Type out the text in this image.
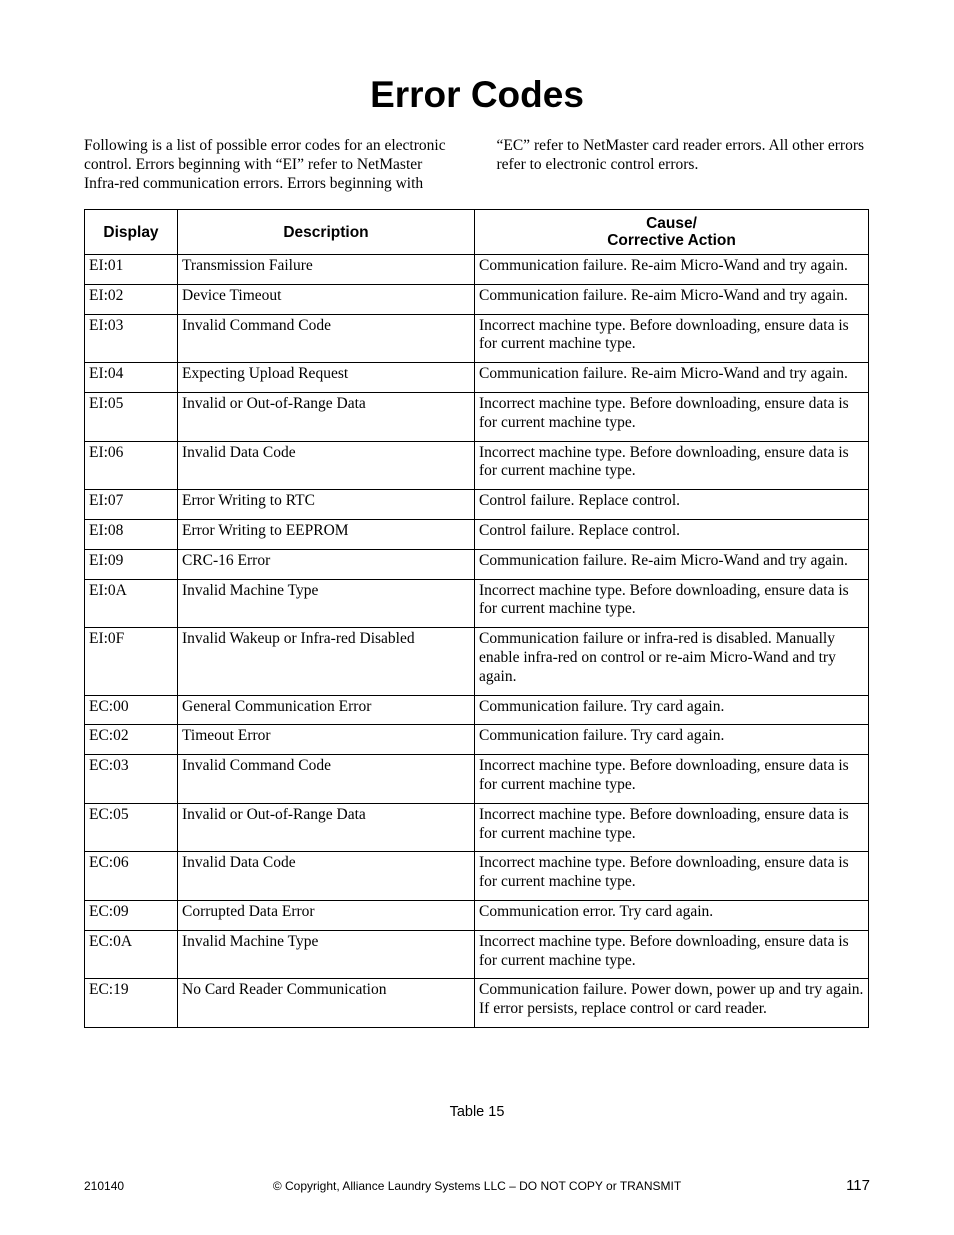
Error Codes

Following is a list of possible error codes for an electronic control. Errors beginning with “EI” refer to NetMaster Infra-red communication errors. Errors beginning with “EC” refer to NetMaster card reader errors. All other errors refer to electronic control errors.

Display	Description	Cause/
Corrective Action
EI:01	Transmission Failure	Communication failure. Re-aim Micro-Wand and try again.
EI:02	Device Timeout	Communication failure. Re-aim Micro-Wand and try again.
EI:03	Invalid Command Code	Incorrect machine type. Before downloading, ensure data is for current machine type.
EI:04	Expecting Upload Request	Communication failure. Re-aim Micro-Wand and try again.
EI:05	Invalid or Out-of-Range Data	Incorrect machine type. Before downloading, ensure data is for current machine type.
EI:06	Invalid Data Code	Incorrect machine type. Before downloading, ensure data is for current machine type.
EI:07	Error Writing to RTC	Control failure. Replace control.
EI:08	Error Writing to EEPROM	Control failure. Replace control.
EI:09	CRC-16 Error	Communication failure. Re-aim Micro-Wand and try again.
EI:0A	Invalid Machine Type	Incorrect machine type. Before downloading, ensure data is for current machine type.
EI:0F	Invalid Wakeup or Infra-red Disabled	Communication failure or infra-red is disabled. Manually enable infra-red on control or re-aim Micro-Wand and try again.
EC:00	General Communication Error	Communication failure. Try card again.
EC:02	Timeout Error	Communication failure. Try card again.
EC:03	Invalid Command Code	Incorrect machine type. Before downloading, ensure data is for current machine type.
EC:05	Invalid or Out-of-Range Data	Incorrect machine type. Before downloading, ensure data is for current machine type.
EC:06	Invalid Data Code	Incorrect machine type. Before downloading, ensure data is for current machine type.
EC:09	Corrupted Data Error	Communication error. Try card again.
EC:0A	Invalid Machine Type	Incorrect machine type. Before downloading, ensure data is for current machine type.
EC:19	No Card Reader Communication	Communication failure. Power down, power up and try again. If error persists, replace control or card reader.
Table 15
210140	© Copyright, Alliance Laundry Systems LLC – DO NOT COPY or TRANSMIT	117
